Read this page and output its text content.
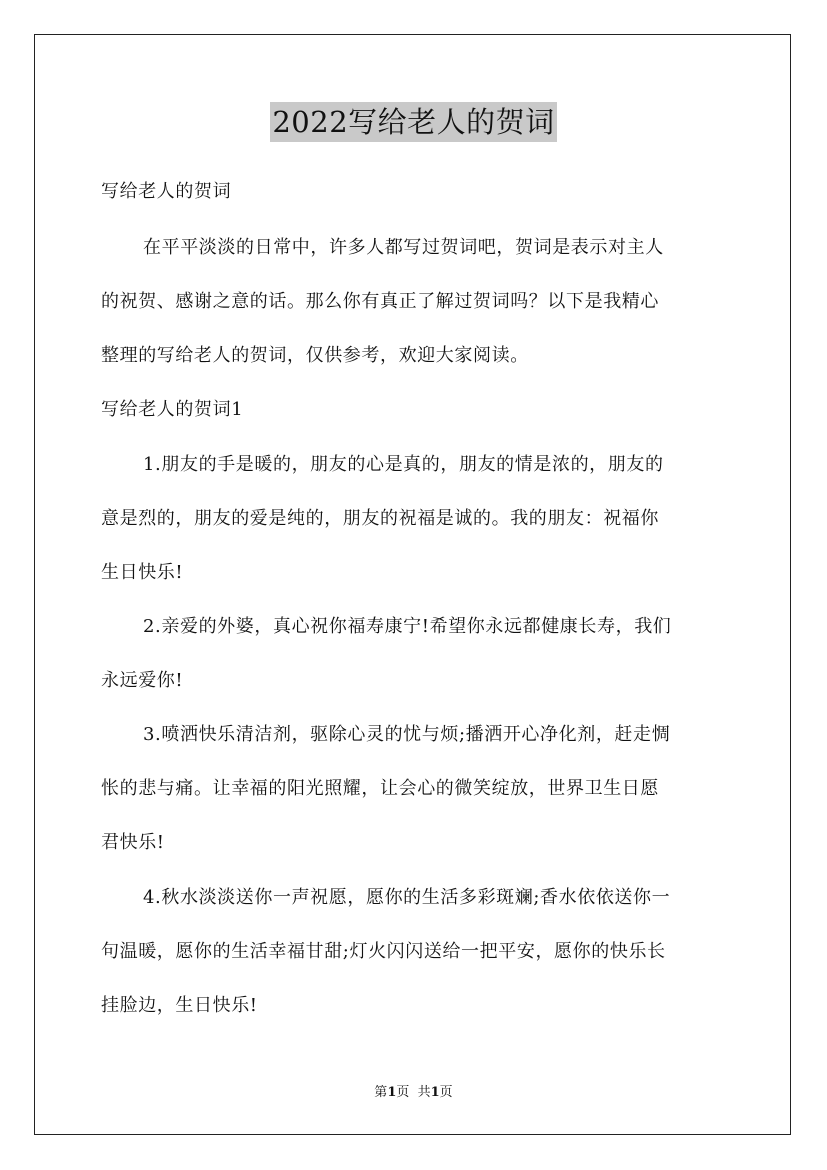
2022写给老人的贺词
写给老人的贺词
在平平淡淡的日常中，许多人都写过贺词吧，贺词是表示对主人
的祝贺、感谢之意的话。那么你有真正了解过贺词吗？以下是我精心
整理的写给老人的贺词，仅供参考，欢迎大家阅读。
写给老人的贺词1
1.朋友的手是暖的，朋友的心是真的，朋友的情是浓的，朋友的
意是烈的，朋友的爱是纯的，朋友的祝福是诚的。我的朋友：祝福你
生日快乐!
2.亲爱的外婆，真心祝你福寿康宁!希望你永远都健康长寿，我们
永远爱你!
3.喷洒快乐清洁剂，驱除心灵的忧与烦;播洒开心净化剂，赶走惆
怅的悲与痛。让幸福的阳光照耀，让会心的微笑绽放，世界卫生日愿
君快乐!
4.秋水淡淡送你一声祝愿，愿你的生活多彩斑斓;香水依依送你一
句温暖，愿你的生活幸福甘甜;灯火闪闪送给一把平安，愿你的快乐长
挂脸边，生日快乐!
第1页  共1页
